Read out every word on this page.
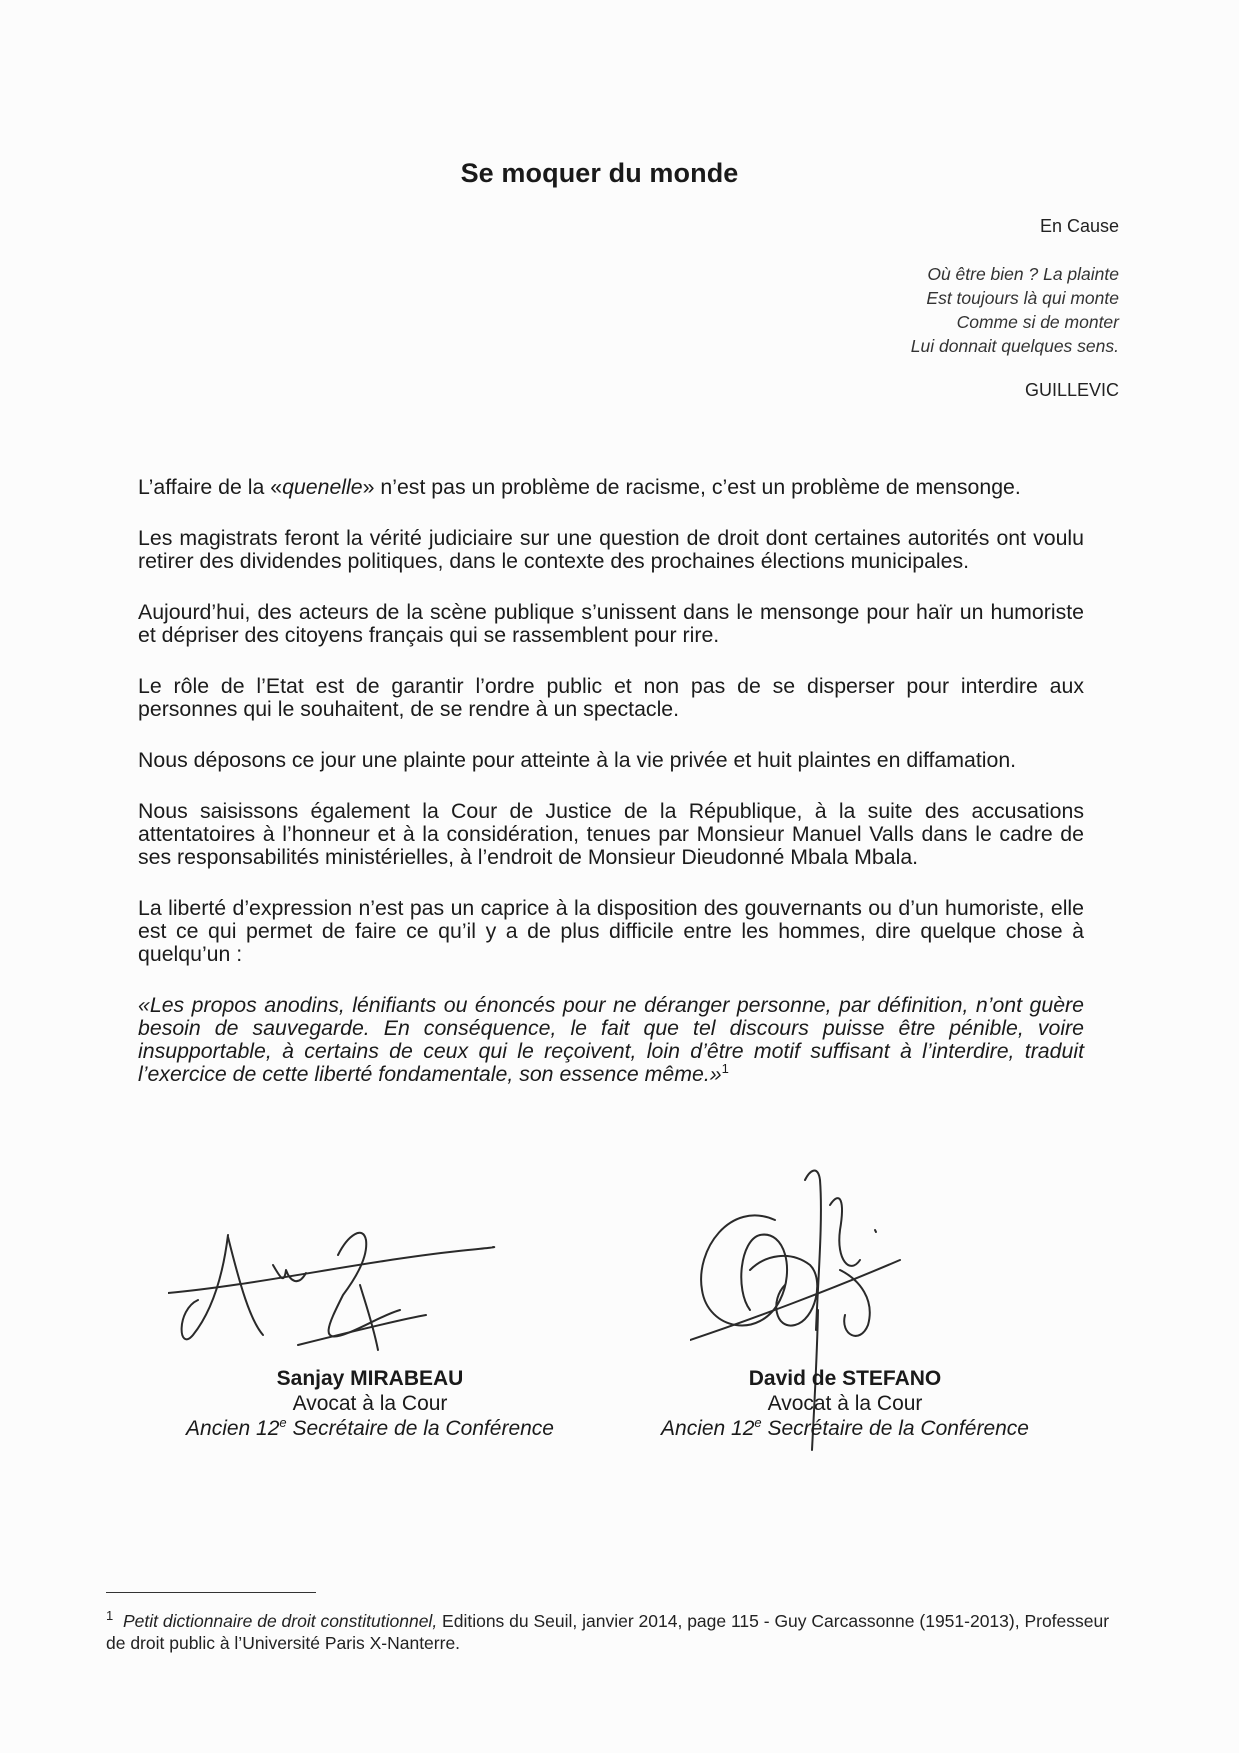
Se moquer du monde
En Cause
Où être bien ? La plainte
Est toujours là qui monte
Comme si de monter
Lui donnait quelques sens.
GUILLEVIC

L’affaire de la «quenelle» n’est pas un problème de racisme, c’est un problème de mensonge.

Les magistrats feront la vérité judiciaire sur une question de droit dont certaines autorités ont voulu retirer des dividendes politiques, dans le contexte des prochaines élections municipales.

Aujourd’hui, des acteurs de la scène publique s’unissent dans le mensonge pour haïr un humoriste et dépriser des citoyens français qui se rassemblent pour rire.

Le rôle de l’Etat est de garantir l’ordre public et non pas de se disperser pour interdire aux personnes qui le souhaitent, de se rendre à un spectacle.

Nous déposons ce jour une plainte pour atteinte à la vie privée et huit plaintes en diffamation.

Nous saisissons également la Cour de Justice de la République, à la suite des accusations attentatoires à l’honneur et à la considération, tenues par Monsieur Manuel Valls dans le cadre de ses responsabilités ministérielles, à l’endroit de Monsieur Dieudonné Mbala Mbala.

La liberté d’expression n’est pas un caprice à la disposition des gouvernants ou d’un humoriste, elle est ce qui permet de faire ce qu’il y a de plus difficile entre les hommes, dire quelque chose à quelqu’un :

«Les propos anodins, lénifiants ou énoncés pour ne déranger personne, par définition, n’ont guère besoin de sauvegarde. En conséquence, le fait que tel discours puisse être pénible, voire insupportable, à certains de ceux qui le reçoivent, loin d’être motif suffisant à l’interdire, traduit l’exercice de cette liberté fondamentale, son essence même.»$^1$

Sanjay MIRABEAU
Avocat à la Cour
Ancien 12e Secrétaire de la Conférence
David de STEFANO
Avocat à la Cour
Ancien 12e Secrétaire de la Conférence
$^1$ Petit dictionnaire de droit constitutionnel, Editions du Seuil, janvier 2014, page 115 - Guy Carcassonne (1951-2013), Professeur de droit public à l’Université Paris X-Nanterre.
